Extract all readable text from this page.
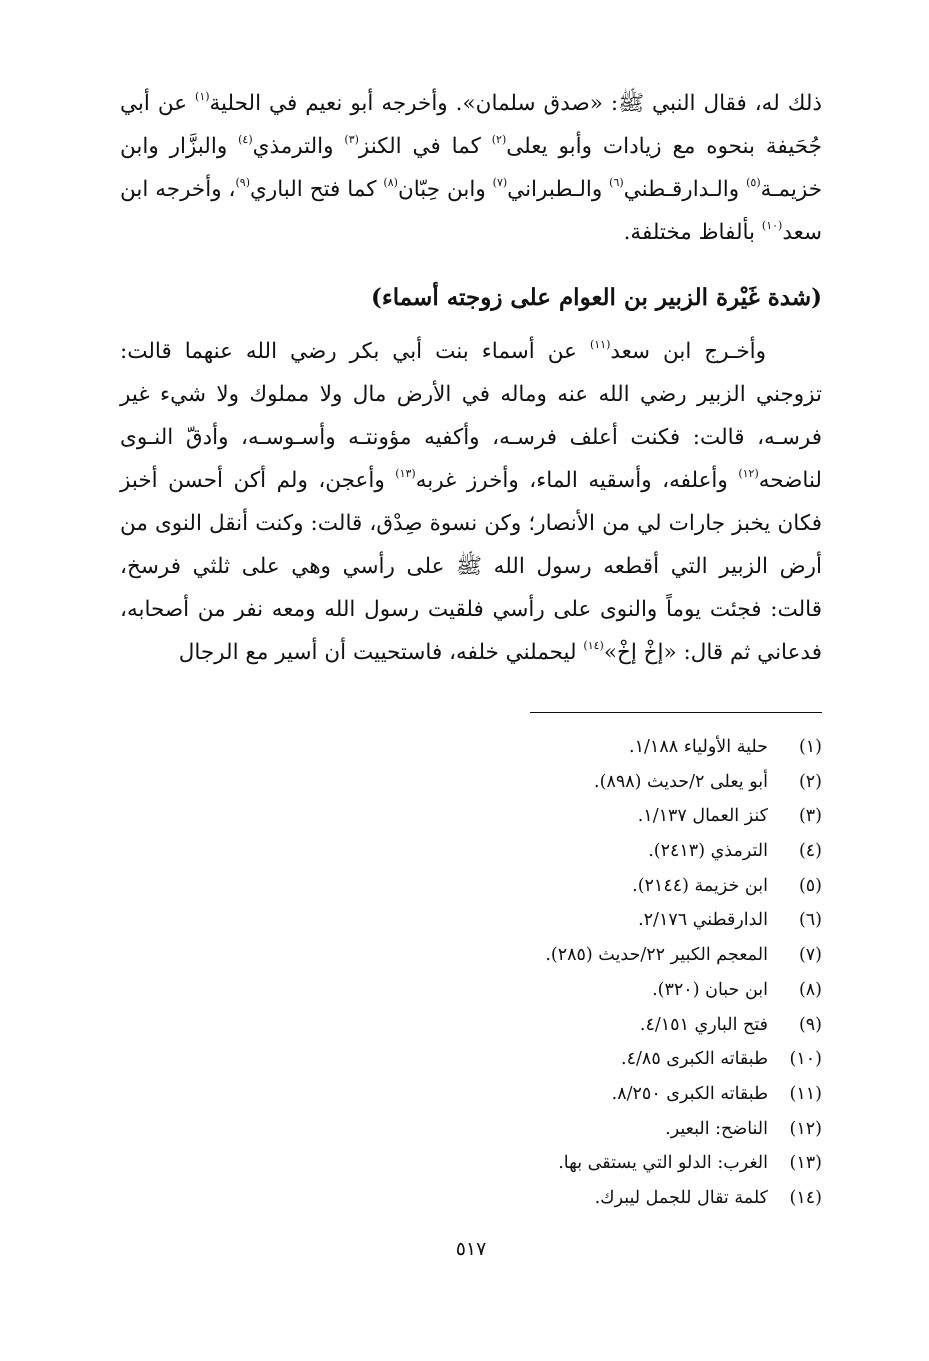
ذلك له، فقال النبي ﷺ: «صدق سلمان». وأخرجه أبو نعيم في الحلية$^{(١)}$ عن أبي جُحَيفة بنحوه مع زيادات وأبو يعلى$^{(٢)}$ كما في الكنز$^{(٣)}$ والترمذي$^{(٤)}$ والبزَّار وابن خزيمـة$^{(٥)}$ والـدارقـطني$^{(٦)}$ والـطبراني$^{(٧)}$ وابن حِبّان$^{(٨)}$ كما فتح الباري$^{(٩)}$، وأخرجه ابن سعد$^{(١٠)}$ بألفاظ مختلفة.

(شدة غَيْرة الزبير بن العوام على زوجته أسماء)

وأخـرج ابن سعد$^{(١١)}$ عن أسماء بنت أبي بكر رضي الله عنهما قالت: تزوجني الزبير رضي الله عنه وماله في الأرض مال ولا مملوك ولا شيء غير فرسـه، قالت: فكنت أعلف فرسـه، وأكفيه مؤونتـه وأسـوسـه، وأدقّ النـوى لناضحه$^{(١٢)}$ وأعلفه، وأسقيه الماء، وأخرز غربه$^{(١٣)}$ وأعجن، ولم أكن أحسن أخبز فكان يخبز جارات لي من الأنصار؛ وكن نسوة صِدْق، قالت: وكنت أنقل النوى من أرض الزبير التي أقطعه رسول الله ﷺ على رأسي وهي على ثلثي فرسخ، قالت: فجئت يوماً والنوى على رأسي فلقيت رسول الله ومعه نفر من أصحابه، فدعاني ثم قال: «إخْ إخْ»$^{(١٤)}$ ليحملني خلفه، فاستحييت أن أسير مع الرجال

(١)حلية الأولياء ١/١٨٨.
(٢)أبو يعلى ٢/حديث (٨٩٨).
(٣)كنز العمال ١/١٣٧.
(٤)الترمذي (٢٤١٣).
(٥)ابن خزيمة (٢١٤٤).
(٦)الدارقطني ٢/١٧٦.
(٧)المعجم الكبير ٢٢/حديث (٢٨٥).
(٨)ابن حبان (٣٢٠).
(٩)فتح الباري ٤/١٥١.
(١٠)طبقاته الكبرى ٤/٨٥.
(١١)طبقاته الكبرى ٨/٢٥٠.
(١٢)الناضح: البعير.
(١٣)الغرب: الدلو التي يستقى بها.
(١٤)كلمة تقال للجمل ليبرك.
٥١٧
